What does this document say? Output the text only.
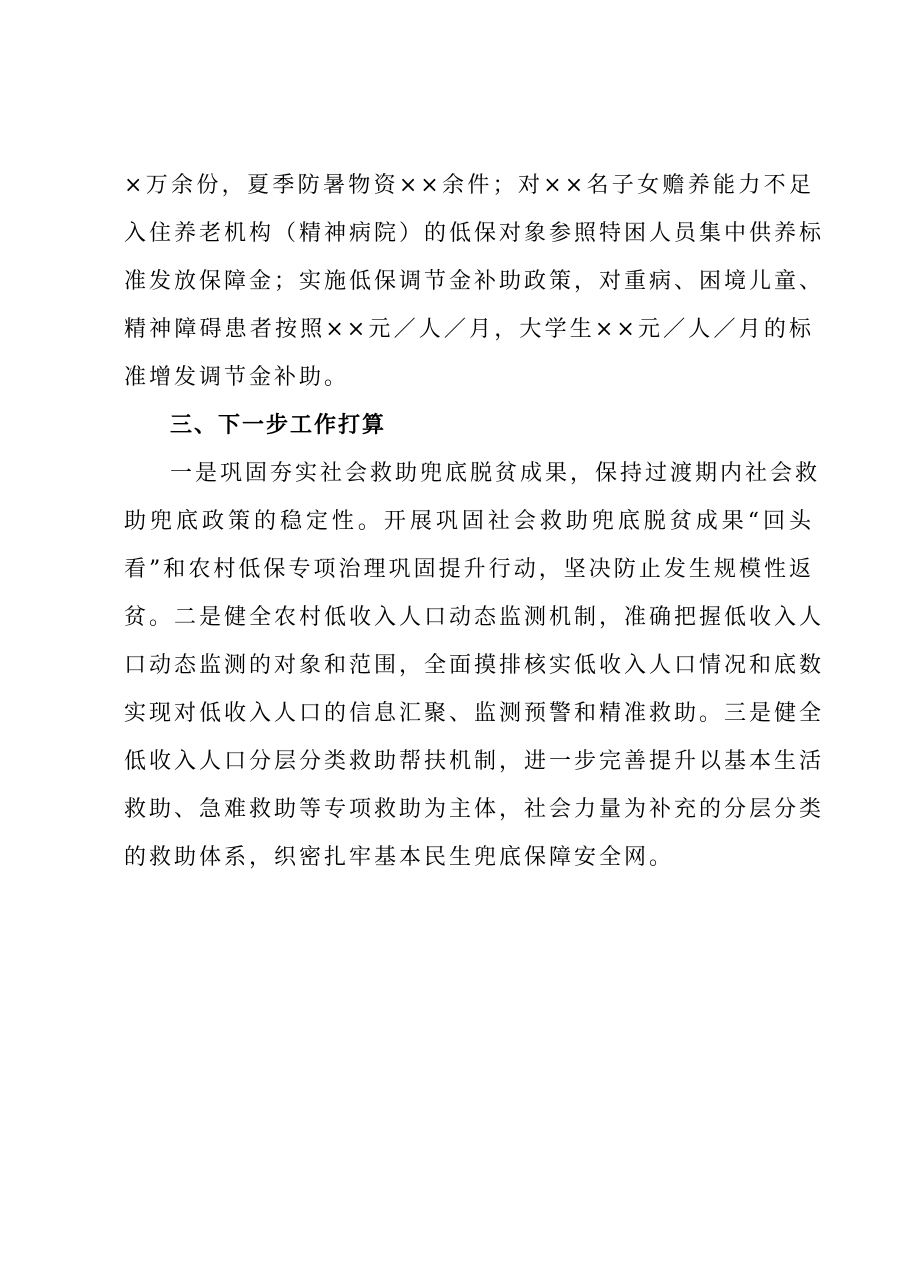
×万余份，夏季防暑物资××余件；对××名子女赡养能力不足
入住养老机构（精神病院）的低保对象参照特困人员集中供养标
准发放保障金；实施低保调节金补助政策，对重病、困境儿童、
精神障碍患者按照××元／人／月，大学生××元／人／月的标
准增发调节金补助。
三、下一步工作打算
一是巩固夯实社会救助兜底脱贫成果，保持过渡期内社会救
助兜底政策的稳定性。开展巩固社会救助兜底脱贫成果“回头
看”和农村低保专项治理巩固提升行动，坚决防止发生规模性返
贫。二是健全农村低收入人口动态监测机制，准确把握低收入人
口动态监测的对象和范围，全面摸排核实低收入人口情况和底数
实现对低收入人口的信息汇聚、监测预警和精准救助。三是健全
低收入人口分层分类救助帮扶机制，进一步完善提升以基本生活
救助、急难救助等专项救助为主体，社会力量为补充的分层分类
的救助体系，织密扎牢基本民生兜底保障安全网。
